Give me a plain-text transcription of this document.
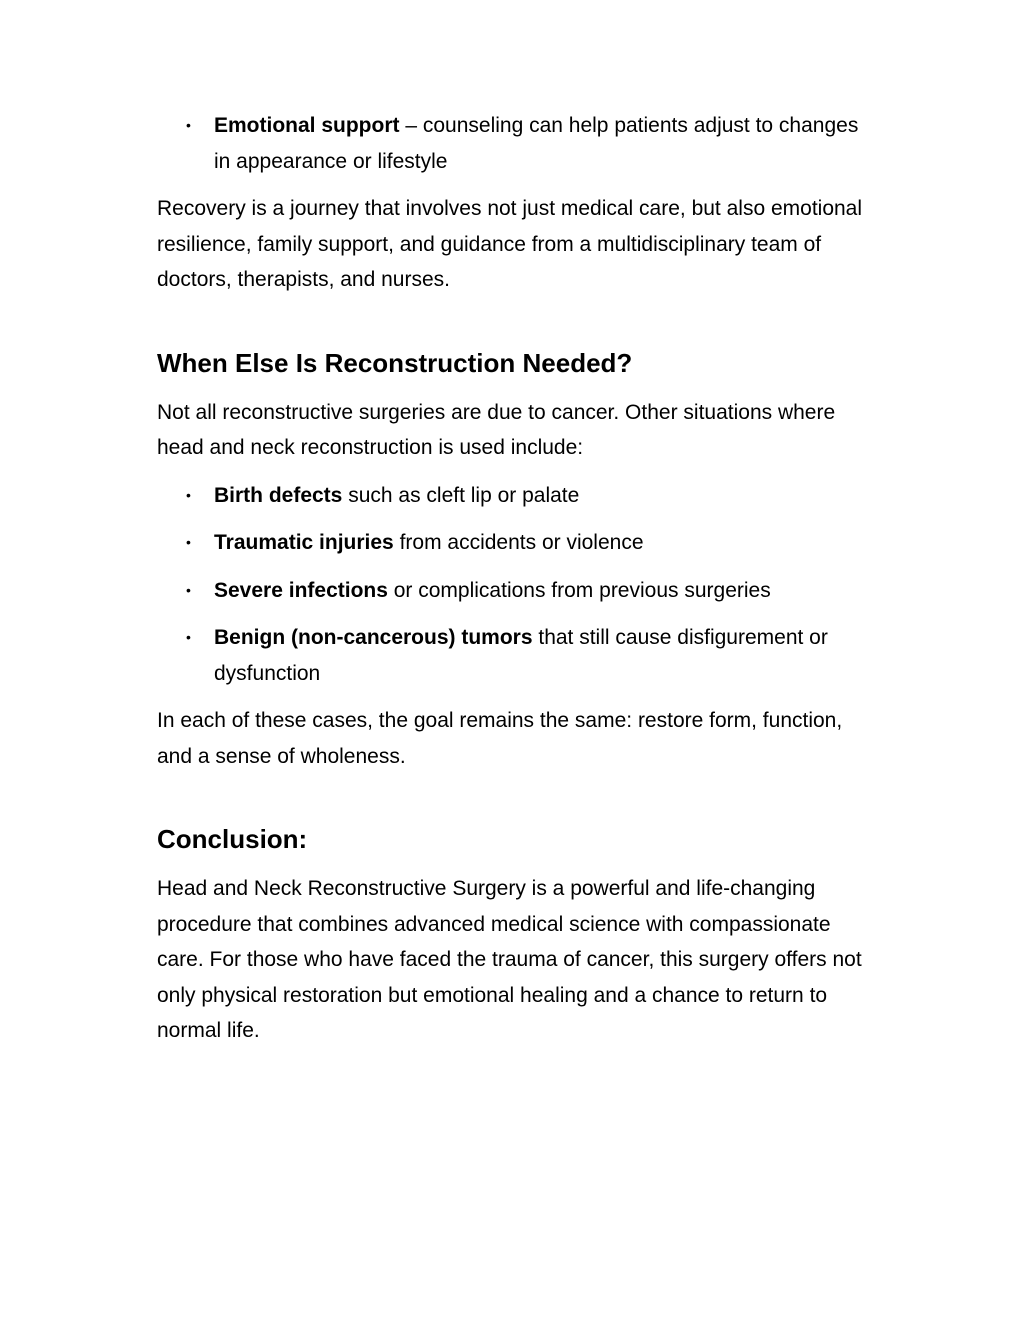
• Emotional support – counseling can help patients adjust to changes in appearance or lifestyle

Recovery is a journey that involves not just medical care, but also emotional resilience, family support, and guidance from a multidisciplinary team of doctors, therapists, and nurses.

When Else Is Reconstruction Needed?

Not all reconstructive surgeries are due to cancer. Other situations where head and neck reconstruction is used include:

• Birth defects such as cleft lip or palate
• Traumatic injuries from accidents or violence
• Severe infections or complications from previous surgeries
• Benign (non-cancerous) tumors that still cause disfigurement or dysfunction

In each of these cases, the goal remains the same: restore form, function, and a sense of wholeness.

Conclusion:

Head and Neck Reconstructive Surgery is a powerful and life-changing procedure that combines advanced medical science with compassionate care. For those who have faced the trauma of cancer, this surgery offers not only physical restoration but emotional healing and a chance to return to normal life.
